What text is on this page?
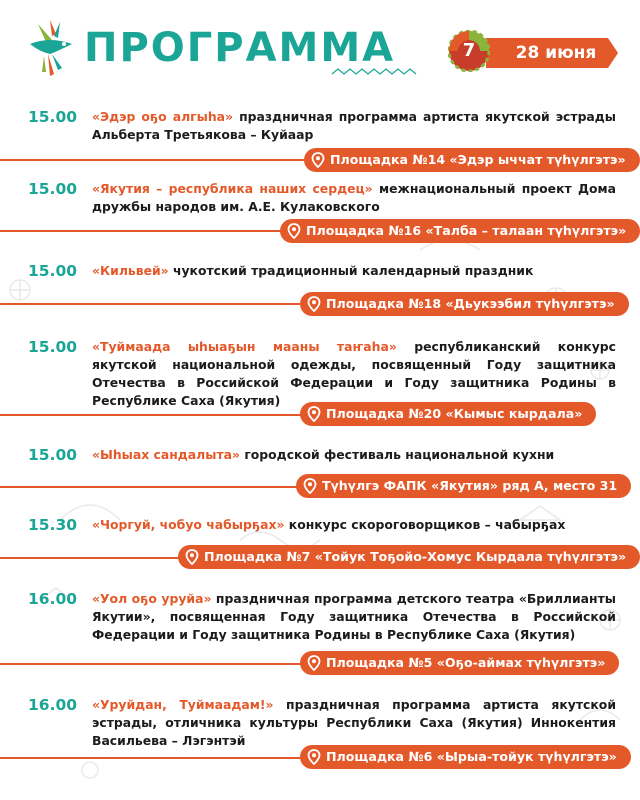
ПРОГРАММА	7	28 июня
15.00 «Эдэр оҕо алгыһа» праздничная программа артиста якутской эстрады Альберта Третьякова – Куйаар
Площадка №14 «Эдэр ыччат түһүлгэтэ»
15.00 «Якутия – республика наших сердец» межнациональный проект Дома дружбы народов им. А.Е. Кулаковского
Площадка №16 «Талба – талаан түһүлгэтэ»
15.00 «Кильвей» чукотский традиционный календарный праздник
Площадка №18 «Дьукээбил түһүлгэтэ»
15.00 «Туймаада ыһыаҕын мааны таҥаһа» республиканский конкурс якутской национальной одежды, посвященный Году защитника Отечества в Российской Федерации и Году защитника Родины в Республике Саха (Якутия)
Площадка №20 «Кымыс кырдала»
15.00 «Ыһыах сандалыта» городской фестиваль национальной кухни
Түһүлгэ ФАПК «Якутия» ряд А, место 31
15.30 «Чоргуй, чобуо чабырҕах» конкурс скороговорщиков – чабырҕах
Площадка №7 «Тойук Тоҕойо-Хомус Кырдала түһүлгэтэ»
16.00 «Уол оҕо уруйа» праздничная программа детского театра «Бриллианты Якутии», посвященная Году защитника Отечества в Российской Федерации и Году защитника Родины в Республике Саха (Якутия)
Площадка №5 «Оҕо-аймах түһүлгэтэ»
16.00 «Уруйдан, Туймаадам!» праздничная программа артиста якутской эстрады, отличника культуры Республики Саха (Якутия) Иннокентия Васильева – Лэгэнтэй
Площадка №6 «Ырыа-тойук түһүлгэтэ»
